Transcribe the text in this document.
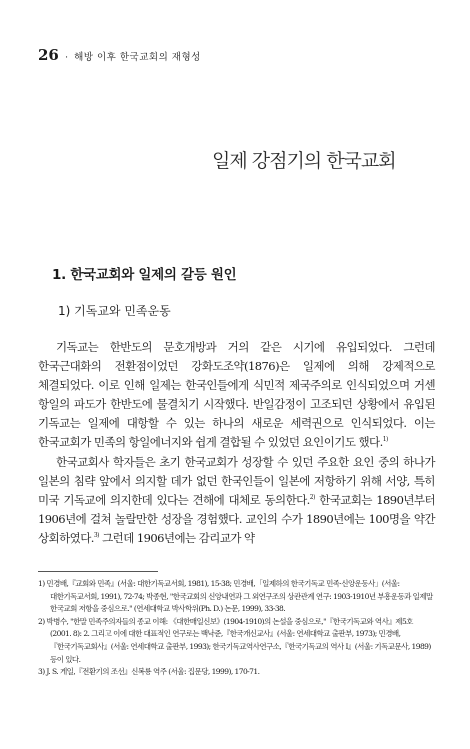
26 · 해방 이후 한국교회의 재형성
일제 강점기의 한국교회
1. 한국교회와 일제의 갈등 원인
1) 기독교와 민족운동

기독교는 한반도의 문호개방과 거의 같은 시기에 유입되었다. 그런데 한국근대화의 전환점이었던 강화도조약(1876)은 일제에 의해 강제적으로 체결되었다. 이로 인해 일제는 한국인들에게 식민적 제국주의로 인식되었으며 거센 항일의 파도가 한반도에 물결치기 시작했다. 반일감정이 고조되던 상황에서 유입된 기독교는 일제에 대항할 수 있는 하나의 새로운 세력권으로 인식되었다. 이는 한국교회가 민족의 항일에너지와 쉽게 결합될 수 있었던 요인이기도 했다.$^{1)}$

한국교회사 학자들은 초기 한국교회가 성장할 수 있던 주요한 요인 중의 하나가 일본의 침략 앞에서 의지할 데가 없던 한국인들이 일본에 저항하기 위해 서양, 특히 미국 기독교에 의지한데 있다는 견해에 대체로 동의한다.$^{2)}$ 한국교회는 1890년부터 1906년에 걸쳐 놀랄만한 성장을 경험했다. 교인의 수가 1890년에는 100명을 약간 상회하였다.$^{3)}$ 그런데 1906년에는 감리교가 약

1) 민경배,『교회와 민족』(서울: 대한기독교서회, 1981), 15-38; 민경배,「일제하의 한국기독교 민족·신앙운동사」(서울: 대한기독교서회, 1991), 72-74; 박종현, "한국교회의 신앙내연과 그 외연구조의 상관관계 연구: 1903-1910년 부흥운동과 일제말 한국교회 저항을 중심으로." (연세대학교 박사학위(Ph. D.) 논문, 1999), 33-38.

2) 박병수, "한말 민족주의자들의 종교 이해: 《대한매일신보》(1904-1910)의 논설을 중심으로,"『한국기독교와 역사』제5호 (2001. 8): 2. 그리고 이에 대한 대표적인 연구로는 백낙준,『한국개신교사』(서울: 연세대학교 출판부, 1973); 민경배,『한국기독교회사』(서울: 연세대학교 출판부, 1993); 한국기독교역사연구소,『한국기독교의 역사 Ⅰ』(서울: 기독교문사, 1989) 등이 있다.

3) J. S. 게일,『전환기의 조선』신복룡 역주 (서울: 집문당, 1999), 170-71.
